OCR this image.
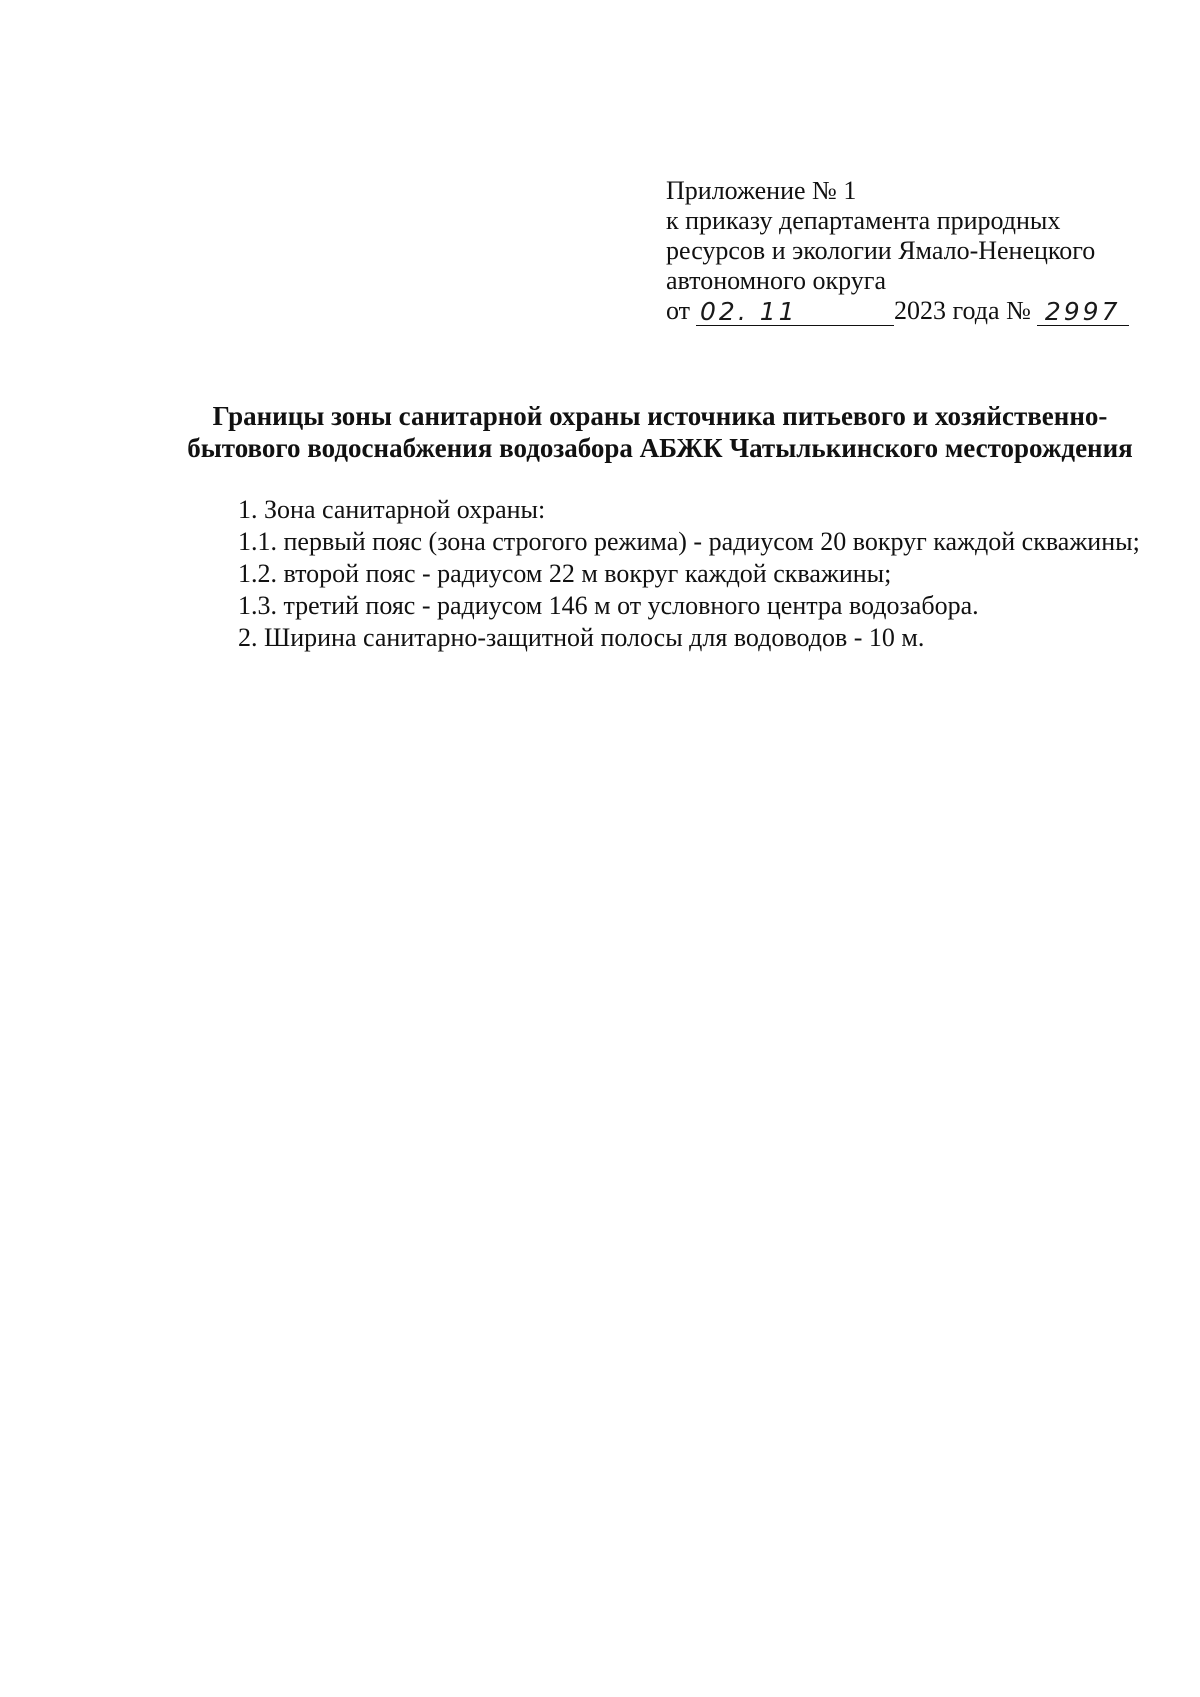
Приложение № 1
к приказу департамента природных
ресурсов и экологии Ямало-Ненецкого
автономного округа
от 02. 11	2023 года № 2997
Границы зоны санитарной охраны источника питьевого и хозяйственно-
бытового водоснабжения водозабора АБЖК Чатылькинского месторождения

1. Зона санитарной охраны:

1.1. первый пояс (зона строгого режима) - радиусом 20 вокруг каждой скважины;

1.2. второй пояс - радиусом 22 м вокруг каждой скважины;

1.3. третий пояс - радиусом 146 м от условного центра водозабора.

2. Ширина санитарно-защитной полосы для водоводов - 10 м.
